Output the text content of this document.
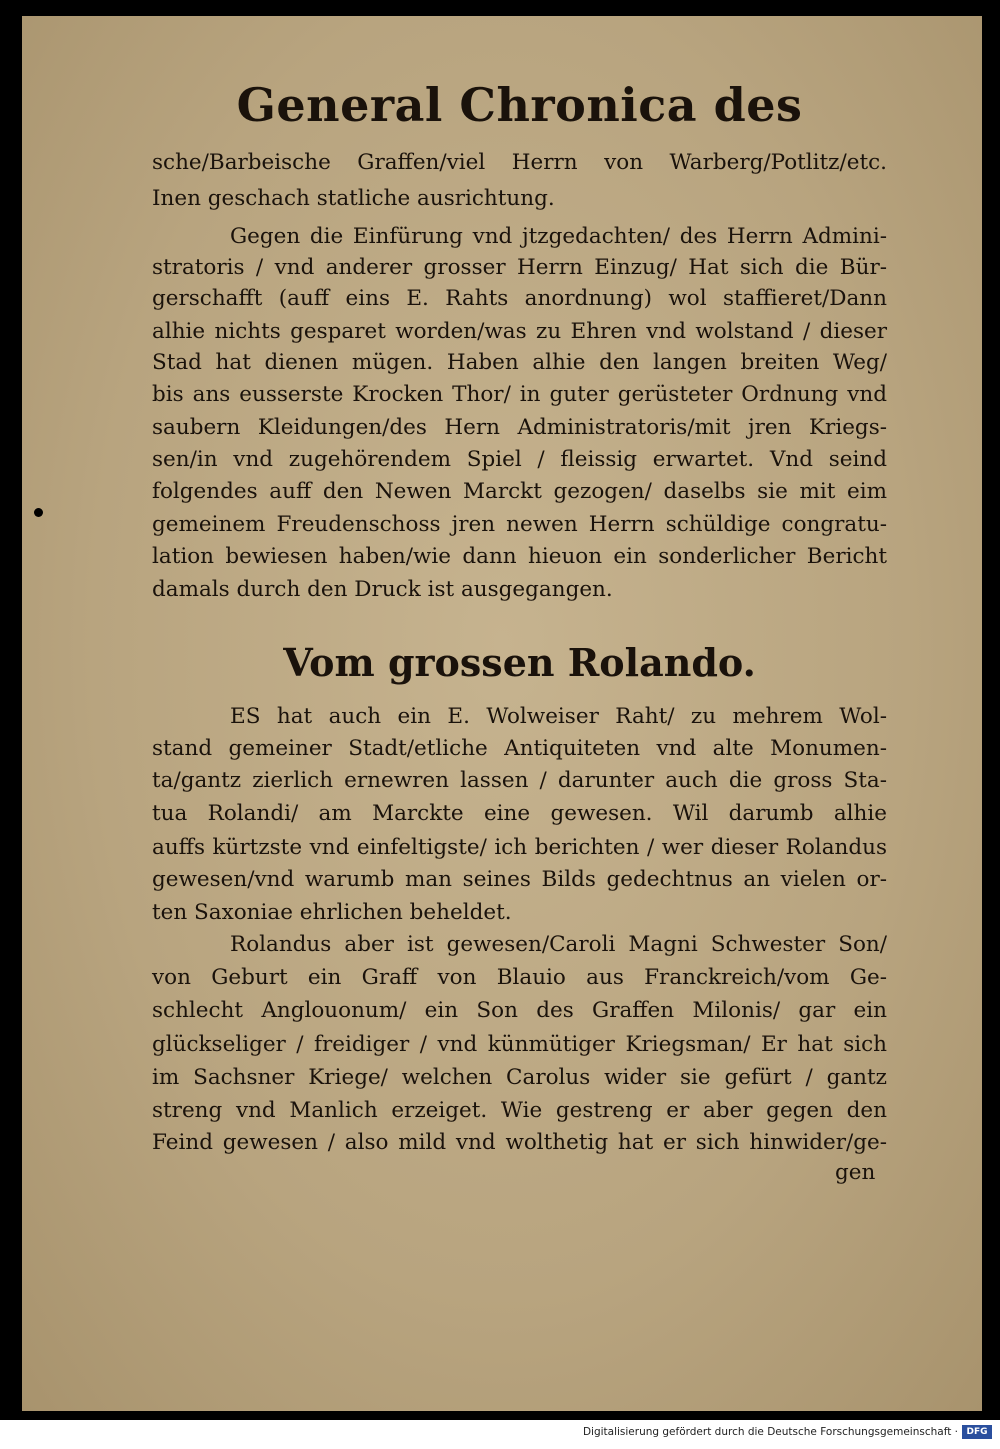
General Chronica des
sche/Barbeische Graffen/viel Herrn von Warberg/Potlitz/etc.
Inen geschach statliche ausrichtung.
Gegen die Einfürung vnd jtzgedachten/ des Herrn Admini-
stratoris / vnd anderer grosser Herrn Einzug/ Hat sich die Bür-
gerschafft (auff eins E. Rahts anordnung) wol staffieret/Dann
alhie nichts gesparet worden/was zu Ehren vnd wolstand / dieser
Stad hat dienen mügen. Haben alhie den langen breiten Weg/
bis ans eusserste Krocken Thor/ in guter gerüsteter Ordnung vnd
saubern Kleidungen/des Hern Administratoris/mit jren Kriegs-
sen/in vnd zugehörendem Spiel / fleissig erwartet. Vnd seind
folgendes auff den Newen Marckt gezogen/ daselbs sie mit eim
gemeinem Freudenschoss jren newen Herrn schüldige congratu-
lation bewiesen haben/wie dann hieuon ein sonderlicher Bericht
damals durch den Druck ist ausgegangen.
Vom grossen Rolando.
ES hat auch ein E. Wolweiser Raht/ zu mehrem Wol-
stand gemeiner Stadt/etliche Antiquiteten vnd alte Monumen-
ta/gantz zierlich ernewren lassen / darunter auch die gross Sta-
tua Rolandi/ am Marckte eine gewesen. Wil darumb alhie
auffs kürtzste vnd einfeltigste/ ich berichten / wer dieser Rolandus
gewesen/vnd warumb man seines Bilds gedechtnus an vielen or-
ten Saxoniae ehrlichen beheldet.
Rolandus aber ist gewesen/Caroli Magni Schwester Son/
von Geburt ein Graff von Blauio aus Franckreich/vom Ge-
schlecht Anglouonum/ ein Son des Graffen Milonis/ gar ein
glückseliger / freidiger / vnd künmütiger Kriegsman/ Er hat sich
im Sachsner Kriege/ welchen Carolus wider sie gefürt / gantz
streng vnd Manlich erzeiget. Wie gestreng er aber gegen den
Feind gewesen / also mild vnd wolthetig hat er sich hinwider/ge-
gen
Digitalisierung gefördert durch die Deutsche Forschungsgemeinschaft · DFG
